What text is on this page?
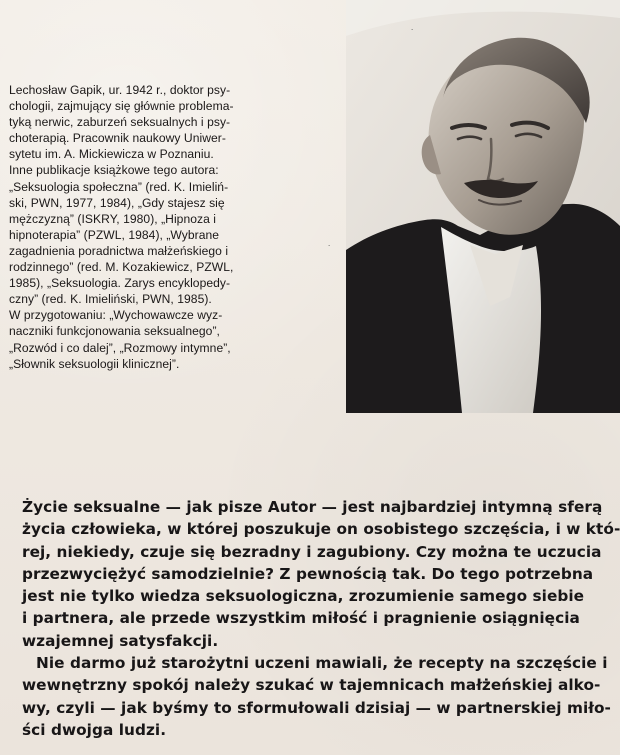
Lechosław Gapik, ur. 1942 r., doktor psy-
chologii, zajmujący się głównie problema-
tyką nerwic, zaburzeń seksualnych i psy-
choterapią. Pracownik naukowy Uniwer-
sytetu im. A. Mickiewicza w Poznaniu.
Inne publikacje książkowe tego autora:
„Seksuologia społeczna” (red. K. Imieliń-
ski, PWN, 1977, 1984), „Gdy stajesz się
mężczyzną” (ISKRY, 1980), „Hipnoza i
hipnoterapia” (PZWL, 1984), „Wybrane
zagadnienia poradnictwa małżeńskiego i
rodzinnego” (red. M. Kozakiewicz, PZWL,
1985), „Seksuologia. Zarys encyklopedy-
czny” (red. K. Imieliński, PWN, 1985).
W przygotowaniu: „Wychowawcze wyz-
naczniki funkcjonowania seksualnego”,
„Rozwód i co dalej”, „Rozmowy intymne”,
„Słownik seksuologii klinicznej”.
Życie seksualne — jak pisze Autor — jest najbardziej intymną sferą
życia człowieka, w której poszukuje on osobistego szczęścia, i w któ-
rej, niekiedy, czuje się bezradny i zagubiony. Czy można te uczucia
przezwyciężyć samodzielnie? Z pewnością tak. Do tego potrzebna
jest nie tylko wiedza seksuologiczna, zrozumienie samego siebie
i partnera, ale przede wszystkim miłość i pragnienie osiągnięcia
wzajemnej satysfakcji.
Nie darmo już starożytni uczeni mawiali, że recepty na szczęście i
wewnętrzny spokój należy szukać w tajemnicach małżeńskiej alko-
wy, czyli — jak byśmy to sformułowali dzisiaj — w partnerskiej miło-
ści dwojga ludzi.
.
.
